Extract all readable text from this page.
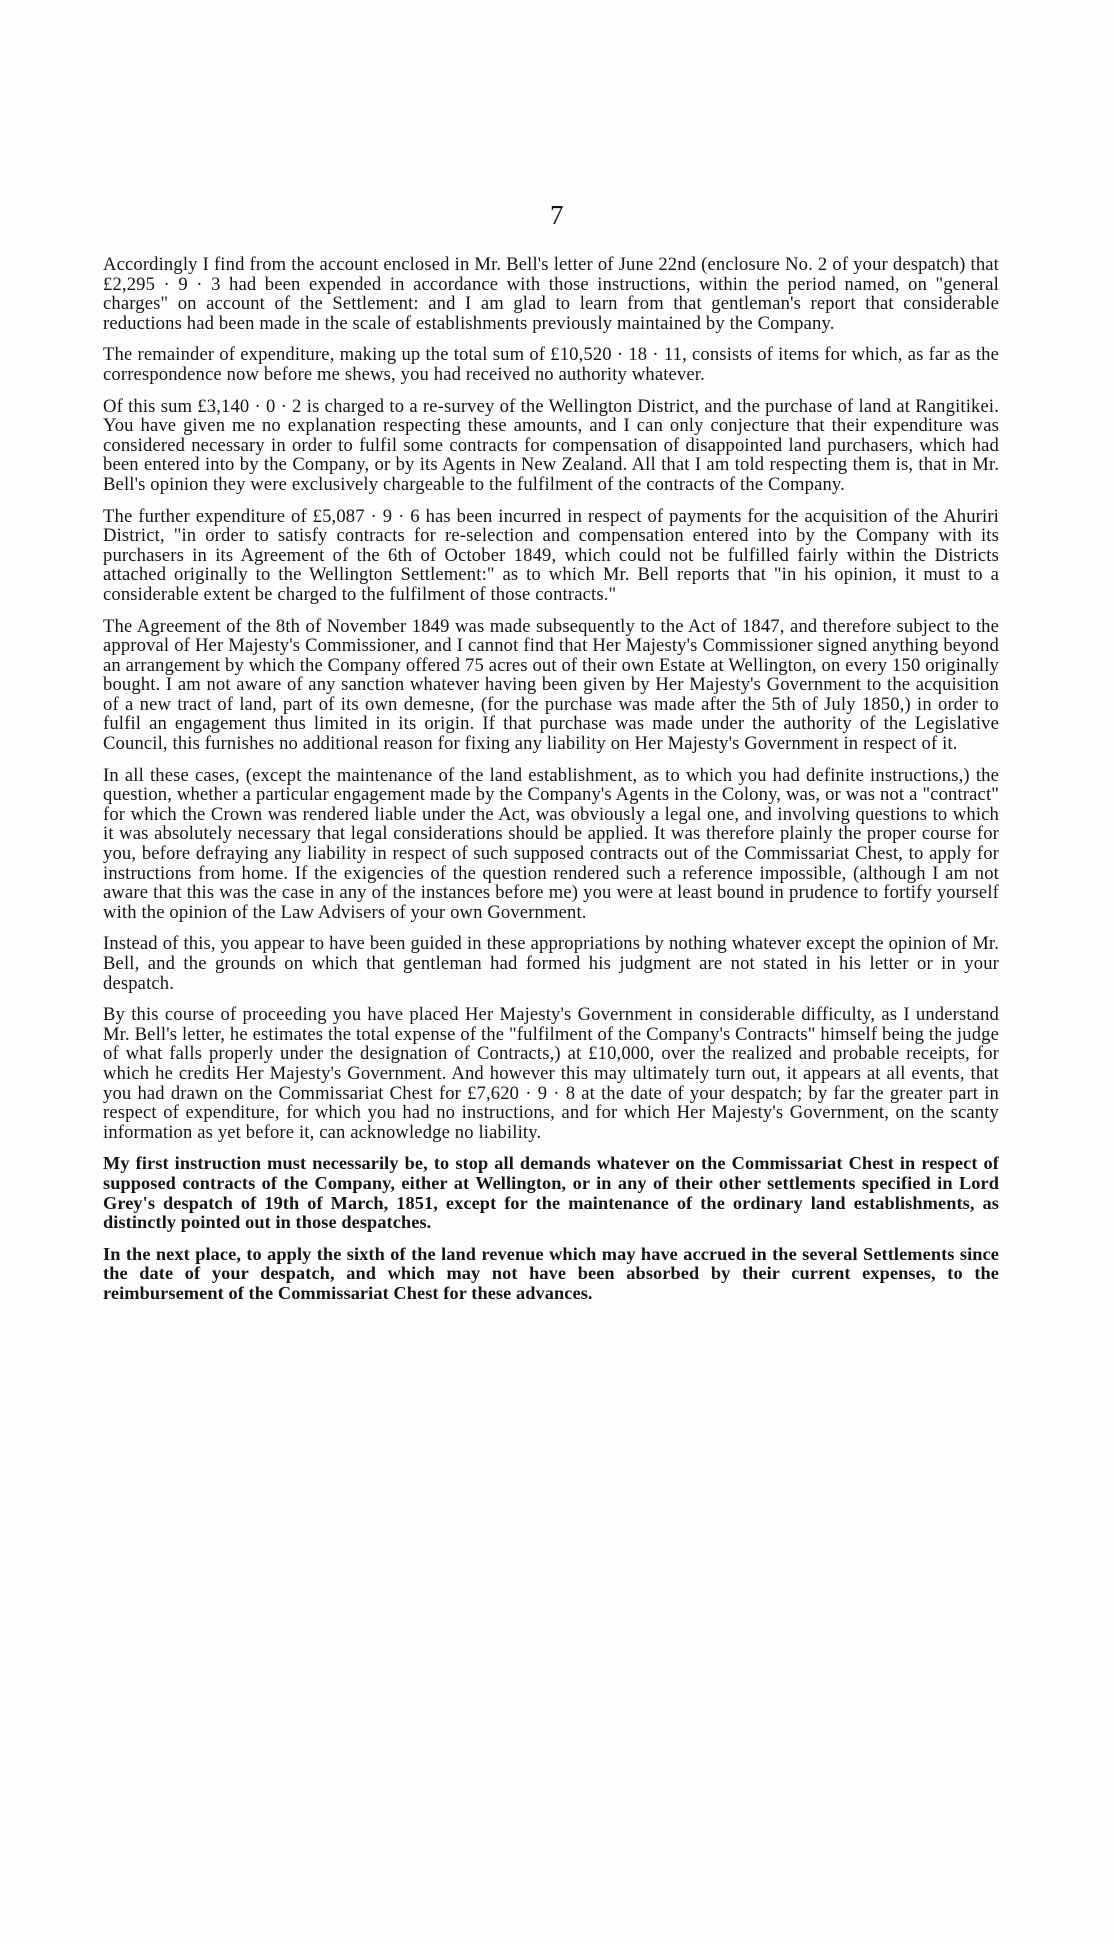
7

Accordingly I find from the account enclosed in Mr. Bell's letter of June 22nd (enclosure No. 2 of your despatch) that £2,295 · 9 · 3 had been expended in accordance with those instructions, within the period named, on "general charges" on account of the Settlement: and I am glad to learn from that gentleman's report that considerable reductions had been made in the scale of establishments previously maintained by the Company.

The remainder of expenditure, making up the total sum of £10,520 · 18 · 11, consists of items for which, as far as the correspondence now before me shews, you had received no authority whatever.

Of this sum £3,140 · 0 · 2 is charged to a re-survey of the Wellington District, and the purchase of land at Rangitikei. You have given me no explanation respecting these amounts, and I can only conjecture that their expenditure was considered necessary in order to fulfil some contracts for compensation of disappointed land purchasers, which had been entered into by the Company, or by its Agents in New Zealand. All that I am told respecting them is, that in Mr. Bell's opinion they were exclusively chargeable to the fulfilment of the contracts of the Company.

The further expenditure of £5,087 · 9 · 6 has been incurred in respect of payments for the acquisition of the Ahuriri District, "in order to satisfy contracts for re-selection and compensation entered into by the Company with its purchasers in its Agreement of the 6th of October 1849, which could not be fulfilled fairly within the Districts attached originally to the Wellington Settlement:" as to which Mr. Bell reports that "in his opinion, it must to a considerable extent be charged to the fulfilment of those contracts."

The Agreement of the 8th of November 1849 was made subsequently to the Act of 1847, and therefore subject to the approval of Her Majesty's Commissioner, and I cannot find that Her Majesty's Commissioner signed anything beyond an arrangement by which the Company offered 75 acres out of their own Estate at Wellington, on every 150 originally bought. I am not aware of any sanction whatever having been given by Her Majesty's Government to the acquisition of a new tract of land, part of its own demesne, (for the purchase was made after the 5th of July 1850,) in order to fulfil an engagement thus limited in its origin. If that purchase was made under the authority of the Legislative Council, this furnishes no additional reason for fixing any liability on Her Majesty's Government in respect of it.

In all these cases, (except the maintenance of the land establishment, as to which you had definite instructions,) the question, whether a particular engagement made by the Company's Agents in the Colony, was, or was not a "contract" for which the Crown was rendered liable under the Act, was obviously a legal one, and involving questions to which it was absolutely necessary that legal considerations should be applied. It was therefore plainly the proper course for you, before defraying any liability in respect of such supposed contracts out of the Commissariat Chest, to apply for instructions from home. If the exigencies of the question rendered such a reference impossible, (although I am not aware that this was the case in any of the instances before me) you were at least bound in prudence to fortify yourself with the opinion of the Law Advisers of your own Government.

Instead of this, you appear to have been guided in these appropriations by nothing whatever except the opinion of Mr. Bell, and the grounds on which that gentleman had formed his judgment are not stated in his letter or in your despatch.

By this course of proceeding you have placed Her Majesty's Government in considerable difficulty, as I understand Mr. Bell's letter, he estimates the total expense of the "fulfilment of the Company's Contracts" himself being the judge of what falls properly under the designation of Contracts,) at £10,000, over the realized and probable receipts, for which he credits Her Majesty's Government. And however this may ultimately turn out, it appears at all events, that you had drawn on the Commissariat Chest for £7,620 · 9 · 8 at the date of your despatch; by far the greater part in respect of expenditure, for which you had no instructions, and for which Her Majesty's Government, on the scanty information as yet before it, can acknowledge no liability.

My first instruction must necessarily be, to stop all demands whatever on the Commissariat Chest in respect of supposed contracts of the Company, either at Wellington, or in any of their other settlements specified in Lord Grey's despatch of 19th of March, 1851, except for the maintenance of the ordinary land establishments, as distinctly pointed out in those despatches.

In the next place, to apply the sixth of the land revenue which may have accrued in the several Settlements since the date of your despatch, and which may not have been absorbed by their current expenses, to the reimbursement of the Commissariat Chest for these advances.
